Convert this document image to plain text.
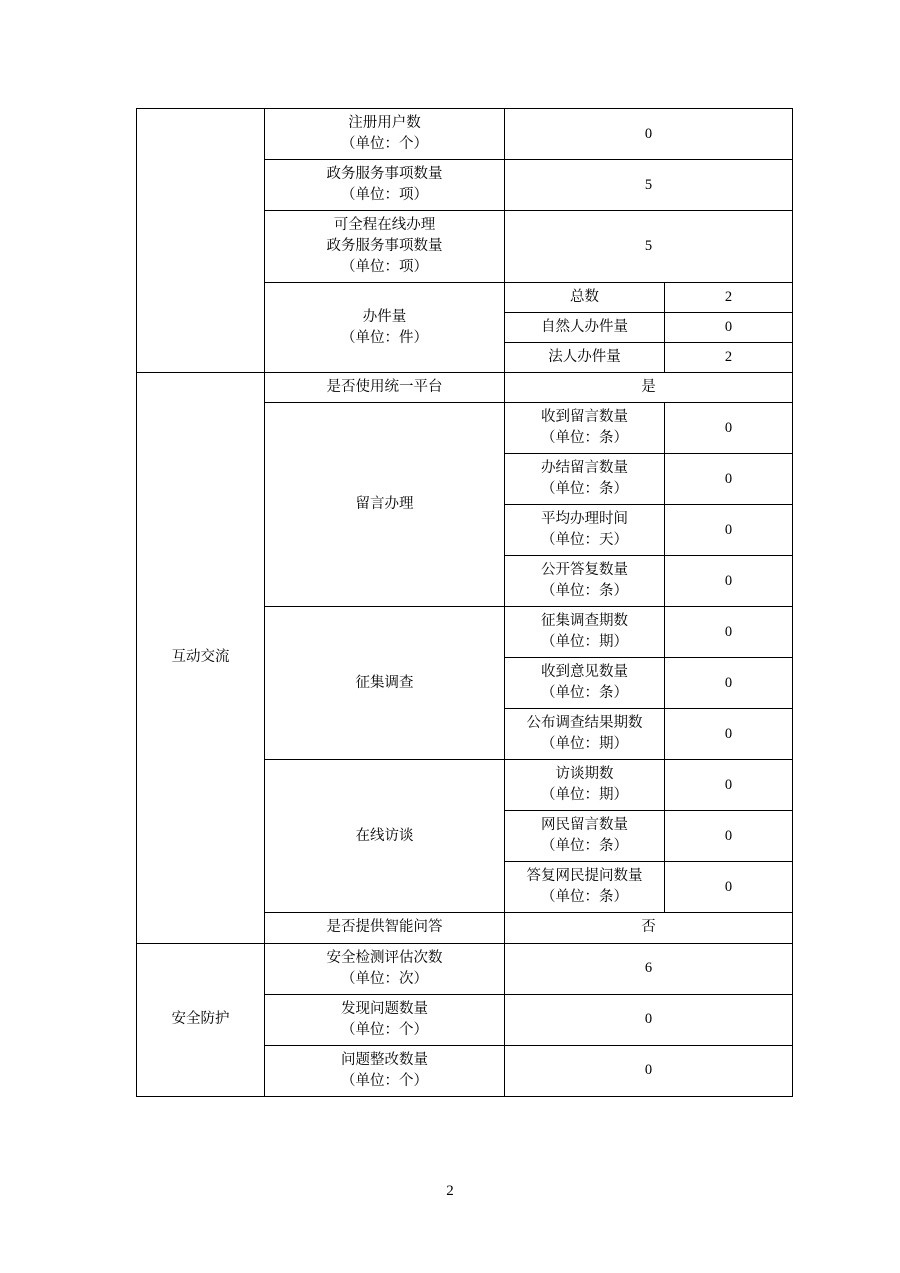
	注册用户数
（单位：个）	0	

	政务服务事项数量
（单位：项）	5	

	可全程在线办理
政务服务事项数量
（单位：项）	5	

	办件量
（单位：件）	总数	2
		自然人办件量	0
		法人办件量	2
互动交流	是否使用统一平台	是	
	留言办理	收到留言数量
（单位：条）	0

		办结留言数量
（单位：条）	0

		平均办理时间
（单位：天）	0

		公开答复数量
（单位：条）	0
	征集调查	征集调查期数
（单位：期）	0

		收到意见数量
（单位：条）	0

		公布调查结果期数
（单位：期）	0
	在线访谈	访谈期数
（单位：期）	0

		网民留言数量
（单位：条）	0

		答复网民提问数量
（单位：条）	0
	是否提供智能问答	否	
安全防护	安全检测评估次数
（单位：次）	6	

	发现问题数量
（单位：个）	0	

	问题整改数量
（单位：个）	0	
2
